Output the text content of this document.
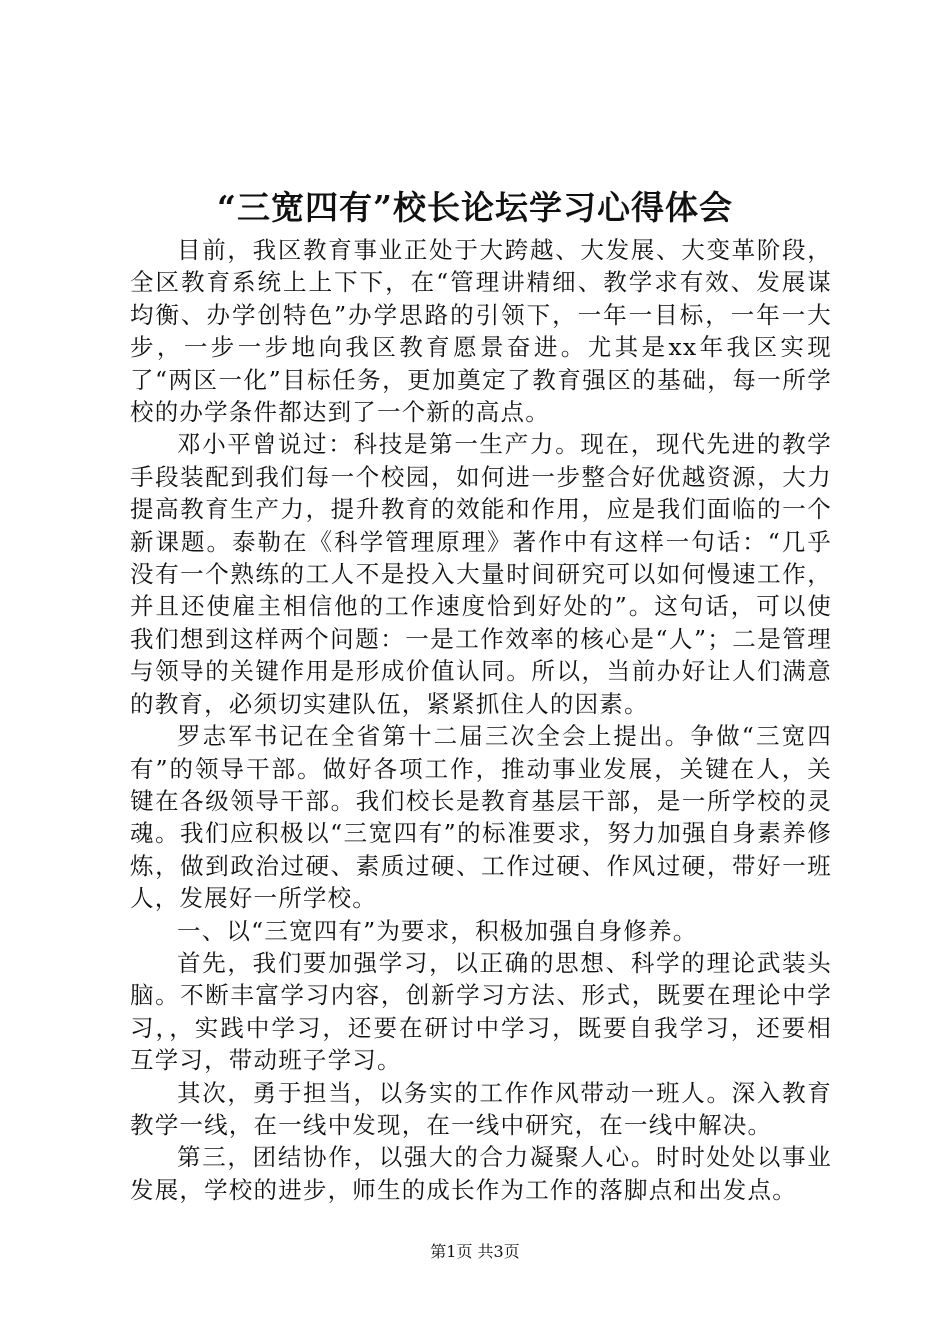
“三宽四有”校长论坛学习心得体会

目前，我区教育事业正处于大跨越、大发展、大变革阶段，全区教育系统上上下下，在“管理讲精细、教学求有效、发展谋均衡、办学创特色”办学思路的引领下，一年一目标，一年一大步，一步一步地向我区教育愿景奋进。尤其是xx年我区实现了“两区一化”目标任务，更加奠定了教育强区的基础，每一所学校的办学条件都达到了一个新的高点。

邓小平曾说过：科技是第一生产力。现在，现代先进的教学手段装配到我们每一个校园，如何进一步整合好优越资源，大力提高教育生产力，提升教育的效能和作用，应是我们面临的一个新课题。泰勒在《科学管理原理》著作中有这样一句话：“几乎没有一个熟练的工人不是投入大量时间研究可以如何慢速工作，并且还使雇主相信他的工作速度恰到好处的”。这句话，可以使我们想到这样两个问题：一是工作效率的核心是“人”；二是管理与领导的关键作用是形成价值认同。所以，当前办好让人们满意的教育，必须切实建队伍，紧紧抓住人的因素。

罗志军书记在全省第十二届三次全会上提出。争做“三宽四有”的领导干部。做好各项工作，推动事业发展，关键在人，关键在各级领导干部。我们校长是教育基层干部，是一所学校的灵魂。我们应积极以“三宽四有”的标准要求，努力加强自身素养修炼，做到政治过硬、素质过硬、工作过硬、作风过硬，带好一班人，发展好一所学校。

一、以“三宽四有”为要求，积极加强自身修养。

首先，我们要加强学习，以正确的思想、科学的理论武装头脑。不断丰富学习内容，创新学习方法、形式，既要在理论中学习，，实践中学习，还要在研讨中学习，既要自我学习，还要相互学习，带动班子学习。

其次，勇于担当，以务实的工作作风带动一班人。深入教育教学一线，在一线中发现，在一线中研究，在一线中解决。

第三，团结协作，以强大的合力凝聚人心。时时处处以事业发展，学校的进步，师生的成长作为工作的落脚点和出发点。

第1页 共3页
